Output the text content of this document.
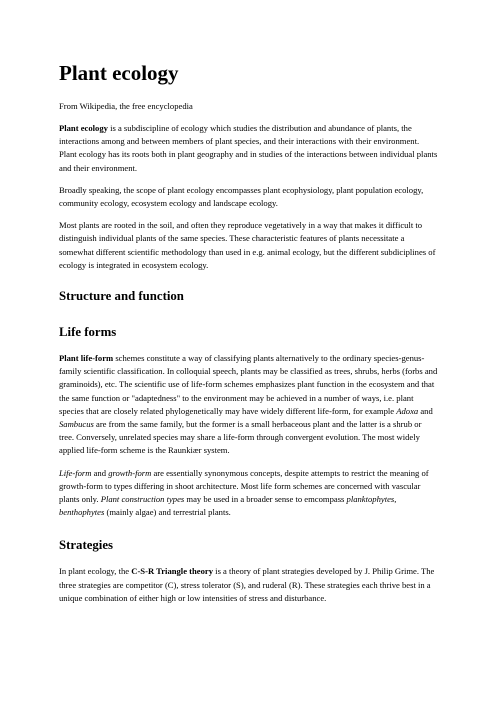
Plant ecology
From Wikipedia, the free encyclopedia

Plant ecology is a subdiscipline of ecology which studies the distribution and abundance of plants, the interactions among and between members of plant species, and their interactions with their environment. Plant ecology has its roots both in plant geography and in studies of the interactions between individual plants and their environment.

Broadly speaking, the scope of plant ecology encompasses plant ecophysiology, plant population ecology, community ecology, ecosystem ecology and landscape ecology.

Most plants are rooted in the soil, and often they reproduce vegetatively in a way that makes it difficult to distinguish individual plants of the same species. These characteristic features of plants necessitate a somewhat different scientific methodology than used in e.g. animal ecology, but the different subdiciplines of ecology is integrated in ecosystem ecology.

Structure and function
Life forms

Plant life-form schemes constitute a way of classifying plants alternatively to the ordinary species-genus-family scientific classification. In colloquial speech, plants may be classified as trees, shrubs, herbs (forbs and graminoids), etc. The scientific use of life-form schemes emphasizes plant function in the ecosystem and that the same function or "adaptedness" to the environment may be achieved in a number of ways, i.e. plant species that are closely related phylogenetically may have widely different life-form, for example Adoxa and Sambucus are from the same family, but the former is a small herbaceous plant and the latter is a shrub or tree. Conversely, unrelated species may share a life-form through convergent evolution. The most widely applied life-form scheme is the Raunkiær system.

Life-form and growth-form are essentially synonymous concepts, despite attempts to restrict the meaning of growth-form to types differing in shoot architecture. Most life form schemes are concerned with vascular plants only. Plant construction types may be used in a broader sense to emcompass planktophytes, benthophytes (mainly algae) and terrestrial plants.

Strategies

In plant ecology, the C-S-R Triangle theory is a theory of plant strategies developed by J. Philip Grime. The three strategies are competitor (C), stress tolerator (S), and ruderal (R). These strategies each thrive best in a unique combination of either high or low intensities of stress and disturbance.
